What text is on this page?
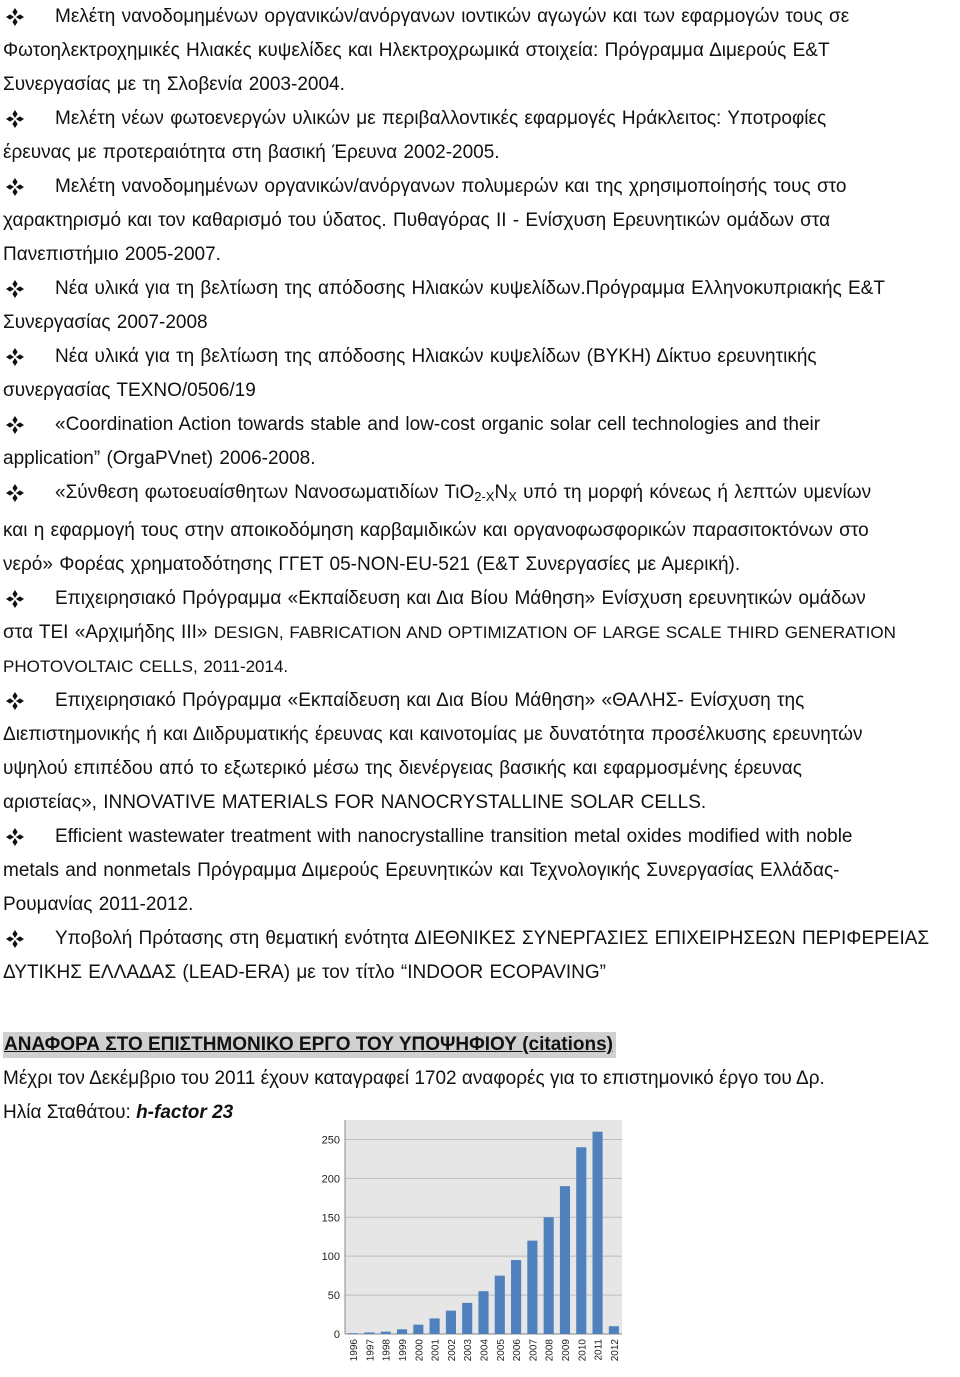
Μελέτη νανοδομημένων οργανικών/ανόργανων ιοντικών αγωγών και των εφαρμογών τους σε
Φωτοηλεκτροχημικές Ηλιακές κυψελίδες και Ηλεκτροχρωμικά στοιχεία: Πρόγραμμα Διμερούς Ε&Τ
Συνεργασίας με τη Σλοβενία 2003-2004.
Μελέτη νέων φωτοενεργών υλικών με περιβαλλοντικές εφαρμογές Ηράκλειτος: Υποτροφίες
έρευνας με προτεραιότητα στη βασική Έρευνα 2002-2005.
Μελέτη νανοδομημένων οργανικών/ανόργανων πολυμερών και της χρησιμοποίησής τους στο
χαρακτηρισμό και τον καθαρισμό του ύδατος. Πυθαγόρας ΙΙ - Ενίσχυση Ερευνητικών ομάδων στα
Πανεπιστήμιο 2005-2007.
Νέα υλικά για τη βελτίωση της απόδοσης Ηλιακών κυψελίδων.Πρόγραμμα Ελληνοκυπριακής Ε&Τ
Συνεργασίας 2007-2008
Νέα υλικά για τη βελτίωση της απόδοσης Ηλιακών κυψελίδων (ΒΥΚΗ) Δίκτυο ερευνητικής
συνεργασίας ΤΕΧΝΟ/0506/19
«Coordination Action towards stable and low-cost organic solar cell technologies and their
application” (OrgaPVnet) 2006-2008.
«Σύνθεση φωτοευαίσθητων Νανοσωματιδίων $T\iota O_{2-X}N_X$ υπό τη μορφή κόνεως ή λεπτών υμενίων
και η εφαρμογή τους στην αποικοδόμηση καρβαμιδικών και οργανοφωσφορικών παρασιτοκτόνων στο
νερό» Φορέας χρηματοδότησης ΓΓΕΤ 05-NON-EU-521 (Ε&Τ Συνεργασίες με Αμερική).
Επιχειρησιακό Πρόγραμμα «Εκπαίδευση και Δια Βίου Μάθηση» Ενίσχυση ερευνητικών ομάδων
στα ΤΕΙ «Αρχιμήδης ΙΙΙ» DESIGN, FABRICATION AND OPTIMIZATION OF LARGE SCALE THIRD GENERATION
PHOTOVOLTAIC CELLS, 2011-2014.
Επιχειρησιακό Πρόγραμμα «Εκπαίδευση και Δια Βίου Μάθηση» «ΘΑΛΗΣ- Ενίσχυση της
Διεπιστημονικής ή και Διιδρυματικής έρευνας και καινοτομίας με δυνατότητα προσέλκυσης ερευνητών
υψηλού επιπέδου από το εξωτερικό μέσω της διενέργειας βασικής και εφαρμοσμένης έρευνας
αριστείας», INNOVATIVE MATERIALS FOR NANOCRYSTALLINE SOLAR CELLS.
Efficient wastewater treatment with nanocrystalline transition metal oxides modified with noble
metals and nonmetals Πρόγραμμα Διμερούς Ερευνητικών και Τεχνολογικής Συνεργασίας Ελλάδας-
Ρουμανίας 2011-2012.
Υποβολή Πρότασης στη θεματική ενότητα ΔΙΕΘΝΙΚΕΣ ΣΥΝΕΡΓΑΣΙΕΣ ΕΠΙΧΕΙΡΗΣΕΩΝ ΠΕΡΙΦΕΡΕΙΑΣ
ΔΥΤΙΚΗΣ ΕΛΛΑΔΑΣ (LEAD-ERA) με τον τίτλο “INDOOR ECOPAVING”
ΑΝΑΦΟΡΑ ΣΤΟ ΕΠΙΣΤΗΜΟΝΙΚΟ ΕΡΓΟ ΤΟΥ ΥΠΟΨΗΦΙΟΥ (citations)
Μέχρι τον Δεκέμβριο του 2011 έχουν καταγραφεί 1702 αναφορές για το επιστημονικό έργο του Δρ.
Ηλία Σταθάτου: h-factor 23
0
50
100
150
200
250
1996 1997 1998 1999 2000 2001 2002 2003 2004 2005 2006 2007 2008 2009 2010 2011 2012
